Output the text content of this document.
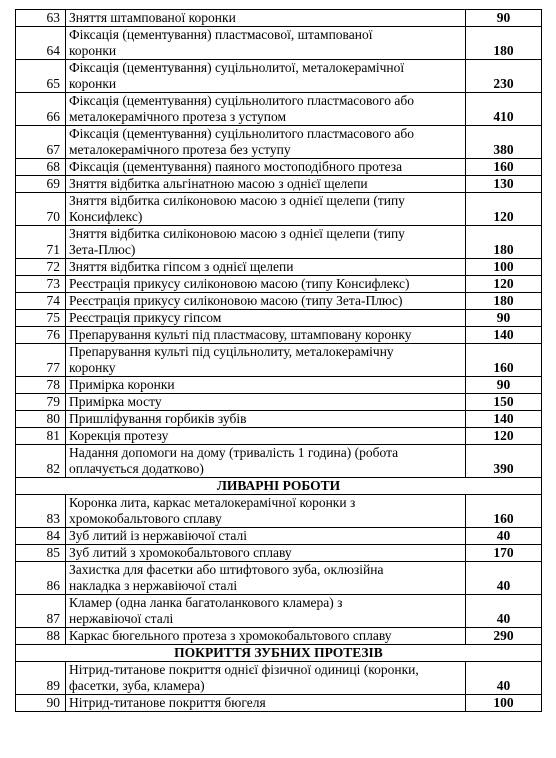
63	Зняття штампованої коронки	90
64	Фіксація (цементування) пластмасової, штампованої
коронки	180
65	Фіксація (цементування) суцільнолитої, металокерамічної
коронки	230
66	Фіксація (цементування) суцільнолитого пластмасового або
металокерамічного протеза з уступом	410
67	Фіксація (цементування) суцільнолитого пластмасового або
металокерамічного протеза без уступу	380
68	Фіксація (цементування) паяного мостоподібного протеза	160
69	Зняття відбитка альгінатною масою з однієї щелепи	130
70	Зняття відбитка силіконовою масою з однієї щелепи (типу
Консифлекс)	120
71	Зняття відбитка силіконовою масою з однієї щелепи (типу
Зета-Плюс)	180
72	Зняття відбитка гіпсом з однієї щелепи	100
73	Реєстрація прикусу силіконовою масою (типу Консифлекс)	120
74	Реєстрація прикусу силіконовою масою (типу Зета-Плюс)	180
75	Реєстрація прикусу гіпсом	90
76	Препарування культі під пластмасову, штамповану коронку	140
77	Препарування культі під суцільнолиту, металокерамічну
коронку	160
78	Примірка коронки	90
79	Примірка мосту	150
80	Пришліфування горбиків зубів	140
81	Корекція протезу	120
82	Надання допомоги на дому (тривалість 1 година) (робота
оплачується додатково)	390
ЛИВАРНІ РОБОТИ		
83	Коронка лита, каркас металокерамічної коронки з
хромокобальтового сплаву	160
84	Зуб литий із нержавіючої сталі	40
85	Зуб литий з хромокобальтового сплаву	170
86	Захистка для фасетки або штифтового зуба, оклюзійна
накладка з нержавіючої сталі	40
87	Кламер (одна ланка багатоланкового кламера) з
нержавіючої сталі	40
88	Каркас бюгельного протеза з хромокобальтового сплаву	290
ПОКРИТТЯ ЗУБНИХ ПРОТЕЗІВ		
89	Нітрид-титанове покриття однієї фізичної одиниці (коронки,
фасетки, зуба, кламера)	40
90	Нітрид-титанове покриття бюгеля	100
